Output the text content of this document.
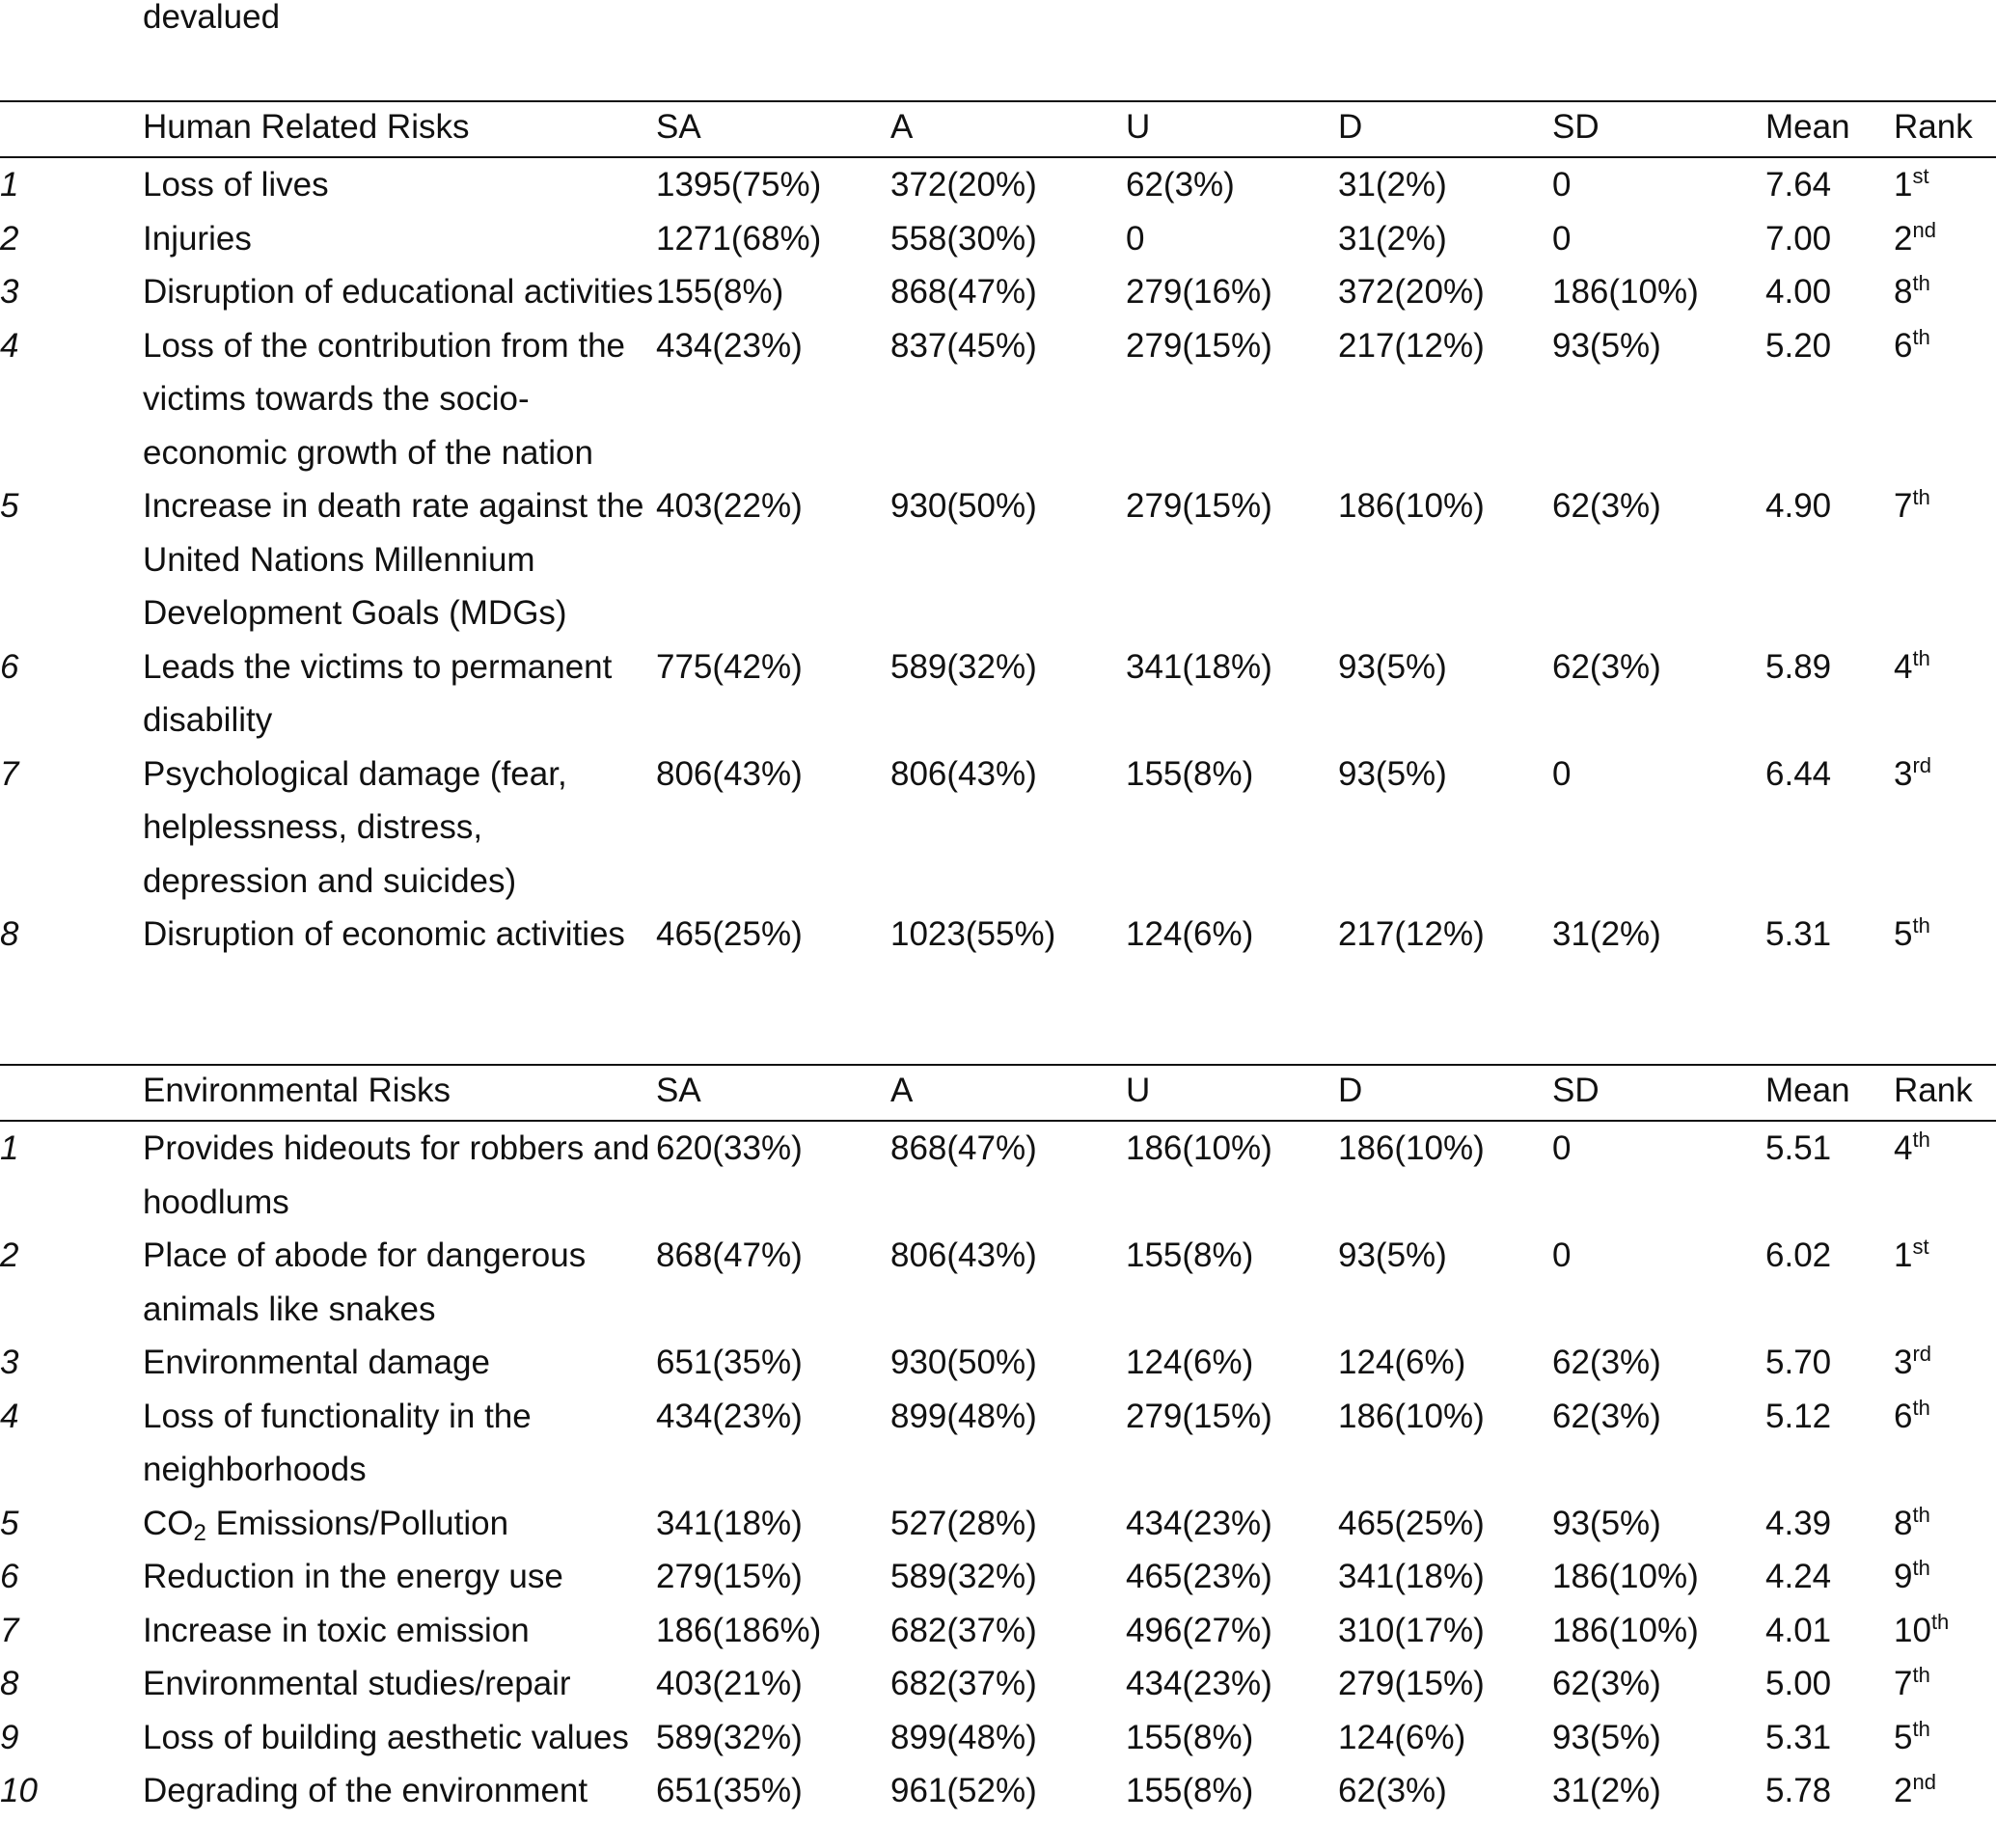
devalued
	Human Related Risks	SA	A	U	D	SD	Mean	Rank
1	Loss of lives	1395(75%)	372(20%)	62(3%)	31(2%)	0	7.64	1st
2	Injuries	1271(68%)	558(30%)	0	31(2%)	0	7.00	2nd
3	Disruption of educational activities	155(8%)	868(47%)	279(16%)	372(20%)	186(10%)	4.00	8th
4	Loss of the contribution from the victims towards the socio-economic growth of the nation	434(23%)	837(45%)	279(15%)	217(12%)	93(5%)	5.20	6th
5	Increase in death rate against the United Nations Millennium Development Goals (MDGs)	403(22%)	930(50%)	279(15%)	186(10%)	62(3%)	4.90	7th
6	Leads the victims to permanent disability	775(42%)	589(32%)	341(18%)	93(5%)	62(3%)	5.89	4th
7	Psychological damage (fear, helplessness, distress, depression and suicides)	806(43%)	806(43%)	155(8%)	93(5%)	0	6.44	3rd
8	Disruption of economic activities	465(25%)	1023(55%)	124(6%)	217(12%)	31(2%)	5.31	5th
	Environmental Risks	SA	A	U	D	SD	Mean	Rank
1	Provides hideouts for robbers and hoodlums	620(33%)	868(47%)	186(10%)	186(10%)	0	5.51	4th
2	Place of abode for dangerous animals like snakes	868(47%)	806(43%)	155(8%)	93(5%)	0	6.02	1st
3	Environmental damage	651(35%)	930(50%)	124(6%)	124(6%)	62(3%)	5.70	3rd
4	Loss of functionality in the neighborhoods	434(23%)	899(48%)	279(15%)	186(10%)	62(3%)	5.12	6th
5	$CO_2$ Emissions/Pollution	341(18%)	527(28%)	434(23%)	465(25%)	93(5%)	4.39	8th
6	Reduction in the energy use	279(15%)	589(32%)	465(23%)	341(18%)	186(10%)	4.24	9th
7	Increase in toxic emission	186(186%)	682(37%)	496(27%)	310(17%)	186(10%)	4.01	10th
8	Environmental studies/repair	403(21%)	682(37%)	434(23%)	279(15%)	62(3%)	5.00	7th
9	Loss of building aesthetic values	589(32%)	899(48%)	155(8%)	124(6%)	93(5%)	5.31	5th
10	Degrading of the environment	651(35%)	961(52%)	155(8%)	62(3%)	31(2%)	5.78	2nd
